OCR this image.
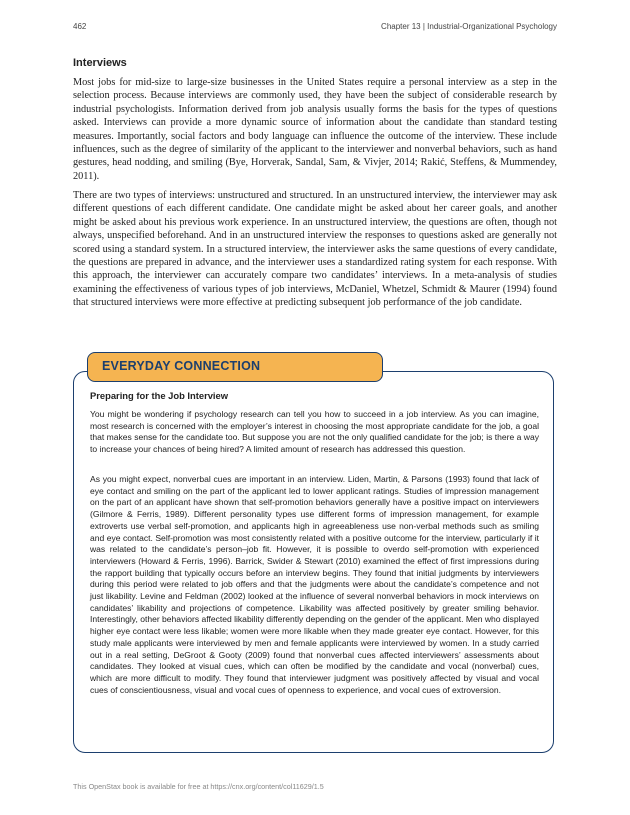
462	Chapter 13 | Industrial-Organizational Psychology
Interviews

Most jobs for mid-size to large-size businesses in the United States require a personal interview as a step in the selection process. Because interviews are commonly used, they have been the subject of considerable research by industrial psychologists. Information derived from job analysis usually forms the basis for the types of questions asked. Interviews can provide a more dynamic source of information about the candidate than standard testing measures. Importantly, social factors and body language can influence the outcome of the interview. These include influences, such as the degree of similarity of the applicant to the interviewer and nonverbal behaviors, such as hand gestures, head nodding, and smiling (Bye, Horverak, Sandal, Sam, & Vivjer, 2014; Rakić, Steffens, & Mummendey, 2011).

There are two types of interviews: unstructured and structured. In an unstructured interview, the interviewer may ask different questions of each different candidate. One candidate might be asked about her career goals, and another might be asked about his previous work experience. In an unstructured interview, the questions are often, though not always, unspecified beforehand. And in an unstructured interview the responses to questions asked are generally not scored using a standard system. In a structured interview, the interviewer asks the same questions of every candidate, the questions are prepared in advance, and the interviewer uses a standardized rating system for each response. With this approach, the interviewer can accurately compare two candidates’ interviews. In a meta-analysis of studies examining the effectiveness of various types of job interviews, McDaniel, Whetzel, Schmidt & Maurer (1994) found that structured interviews were more effective at predicting subsequent job performance of the job candidate.

EVERYDAY CONNECTION
Preparing for the Job Interview

You might be wondering if psychology research can tell you how to succeed in a job interview. As you can imagine, most research is concerned with the employer’s interest in choosing the most appropriate candidate for the job, a goal that makes sense for the candidate too. But suppose you are not the only qualified candidate for the job; is there a way to increase your chances of being hired? A limited amount of research has addressed this question.

As you might expect, nonverbal cues are important in an interview. Liden, Martin, & Parsons (1993) found that lack of eye contact and smiling on the part of the applicant led to lower applicant ratings. Studies of impression management on the part of an applicant have shown that self-promotion behaviors generally have a positive impact on interviewers (Gilmore & Ferris, 1989). Different personality types use different forms of impression management, for example extroverts use verbal self-promotion, and applicants high in agreeableness use non-verbal methods such as smiling and eye contact. Self-promotion was most consistently related with a positive outcome for the interview, particularly if it was related to the candidate’s person–job fit. However, it is possible to overdo self-promotion with experienced interviewers (Howard & Ferris, 1996). Barrick, Swider & Stewart (2010) examined the effect of first impressions during the rapport building that typically occurs before an interview begins. They found that initial judgments by interviewers during this period were related to job offers and that the judgments were about the candidate’s competence and not just likability. Levine and Feldman (2002) looked at the influence of several nonverbal behaviors in mock interviews on candidates’ likability and projections of competence. Likability was affected positively by greater smiling behavior. Interestingly, other behaviors affected likability differently depending on the gender of the applicant. Men who displayed higher eye contact were less likable; women were more likable when they made greater eye contact. However, for this study male applicants were interviewed by men and female applicants were interviewed by women. In a study carried out in a real setting, DeGroot & Gooty (2009) found that nonverbal cues affected interviewers’ assessments about candidates. They looked at visual cues, which can often be modified by the candidate and vocal (nonverbal) cues, which are more difficult to modify. They found that interviewer judgment was positively affected by visual and vocal cues of conscientiousness, visual and vocal cues of openness to experience, and vocal cues of extroversion.

This OpenStax book is available for free at https://cnx.org/content/col11629/1.5
